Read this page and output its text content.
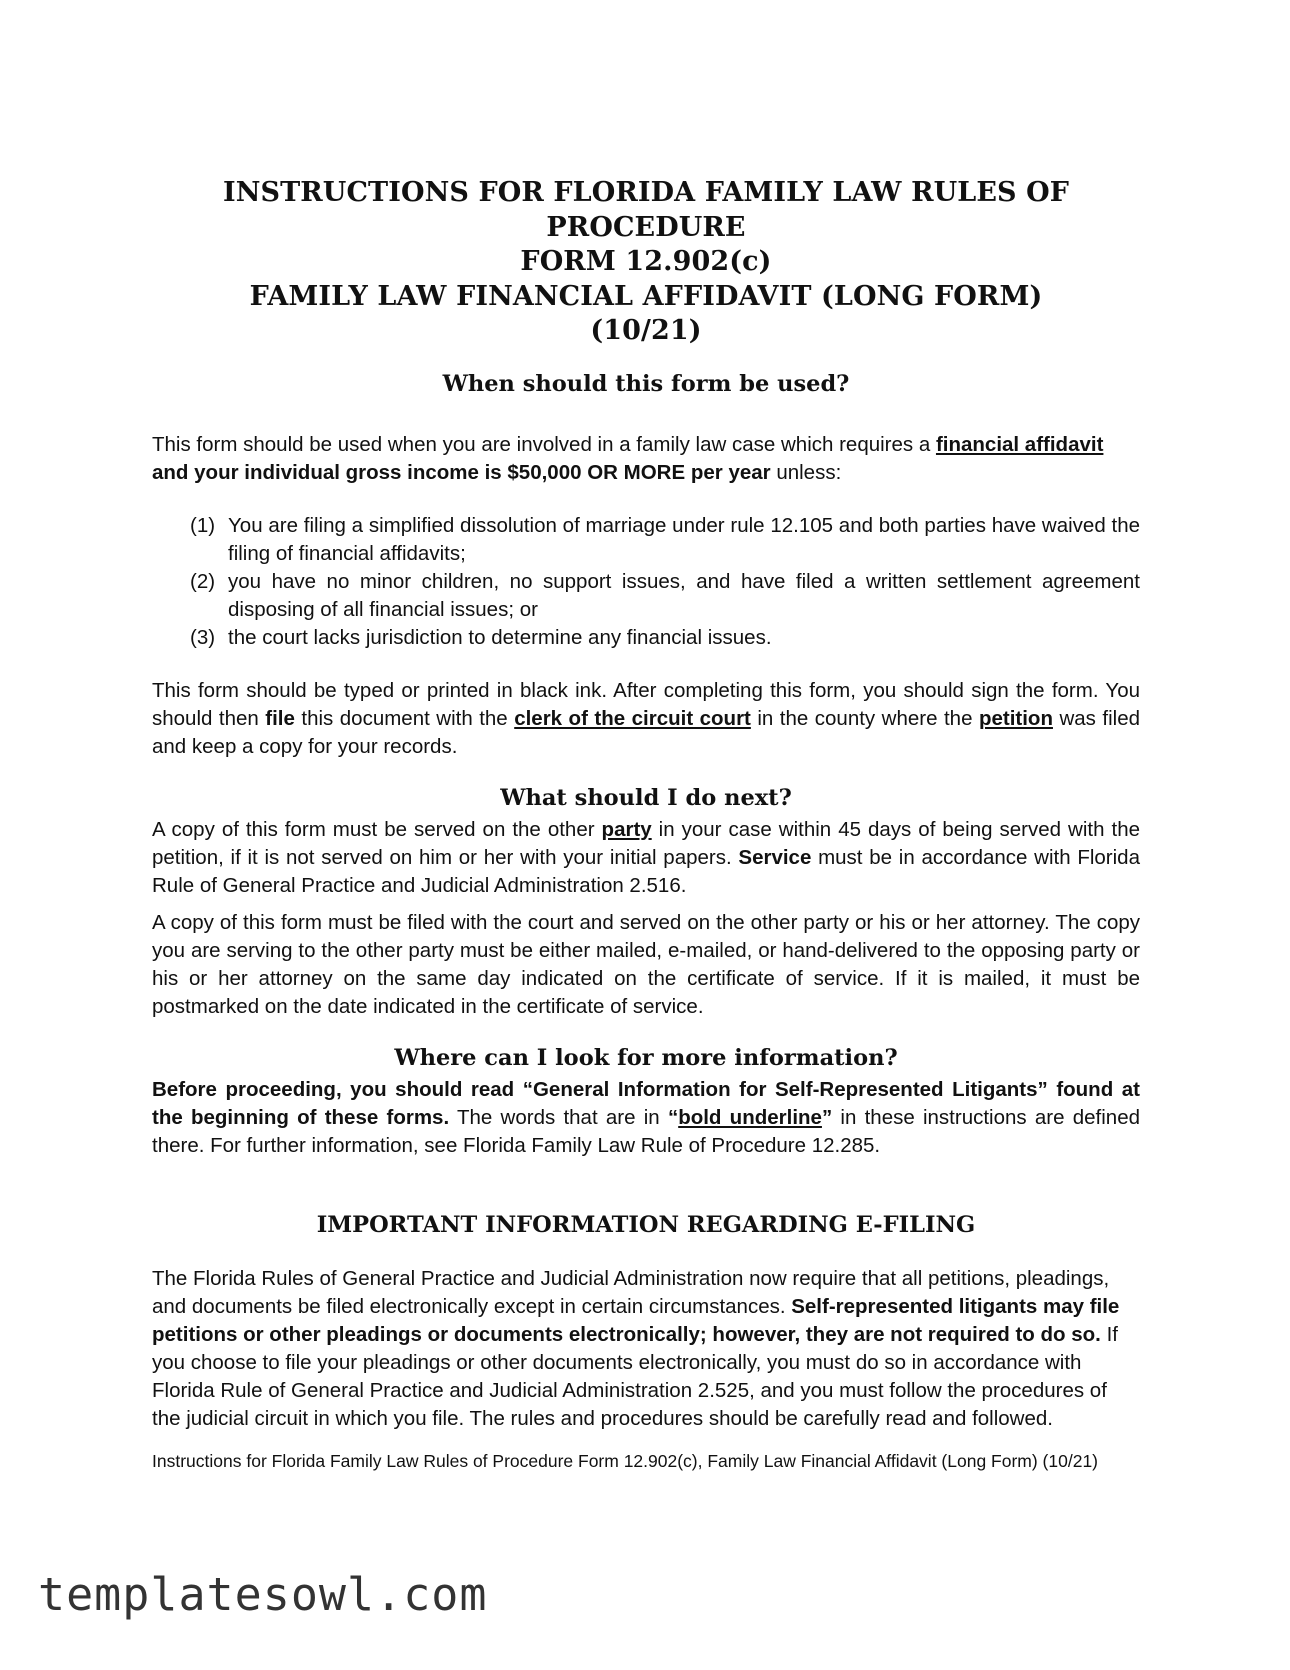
INSTRUCTIONS FOR FLORIDA FAMILY LAW RULES OF PROCEDURE

FORM 12.902(c)

FAMILY LAW FINANCIAL AFFIDAVIT (LONG FORM)

(10/21)

When should this form be used?

This form should be used when you are involved in a family law case which requires a financial affidavit
and your individual gross income is $50,000 OR MORE per year unless:

(1) You are filing a simplified dissolution of marriage under rule 12.105 and both parties have waived the filing of financial affidavits;
(2) you have no minor children, no support issues, and have filed a written settlement agreement disposing of all financial issues; or
(3) the court lacks jurisdiction to determine any financial issues.

This form should be typed or printed in black ink. After completing this form, you should sign the form. You should then file this document with the clerk of the circuit court in the county where the petition was filed and keep a copy for your records.

What should I do next?

A copy of this form must be served on the other party in your case within 45 days of being served with the petition, if it is not served on him or her with your initial papers. Service must be in accordance with Florida Rule of General Practice and Judicial Administration 2.516.

A copy of this form must be filed with the court and served on the other party or his or her attorney. The copy you are serving to the other party must be either mailed, e-mailed, or hand-delivered to the opposing party or his or her attorney on the same day indicated on the certificate of service. If it is mailed, it must be postmarked on the date indicated in the certificate of service.

Where can I look for more information?

Before proceeding, you should read “General Information for Self-Represented Litigants” found at the beginning of these forms. The words that are in “bold underline” in these instructions are defined there. For further information, see Florida Family Law Rule of Procedure 12.285.

IMPORTANT INFORMATION REGARDING E-FILING

The Florida Rules of General Practice and Judicial Administration now require that all petitions, pleadings, and documents be filed electronically except in certain circumstances. Self-represented litigants may file petitions or other pleadings or documents electronically; however, they are not required to do so. If you choose to file your pleadings or other documents electronically, you must do so in accordance with Florida Rule of General Practice and Judicial Administration 2.525, and you must follow the procedures of the judicial circuit in which you file. The rules and procedures should be carefully read and followed.

Instructions for Florida Family Law Rules of Procedure Form 12.902(c), Family Law Financial Affidavit (Long Form) (10/21)

templatesowl.com
